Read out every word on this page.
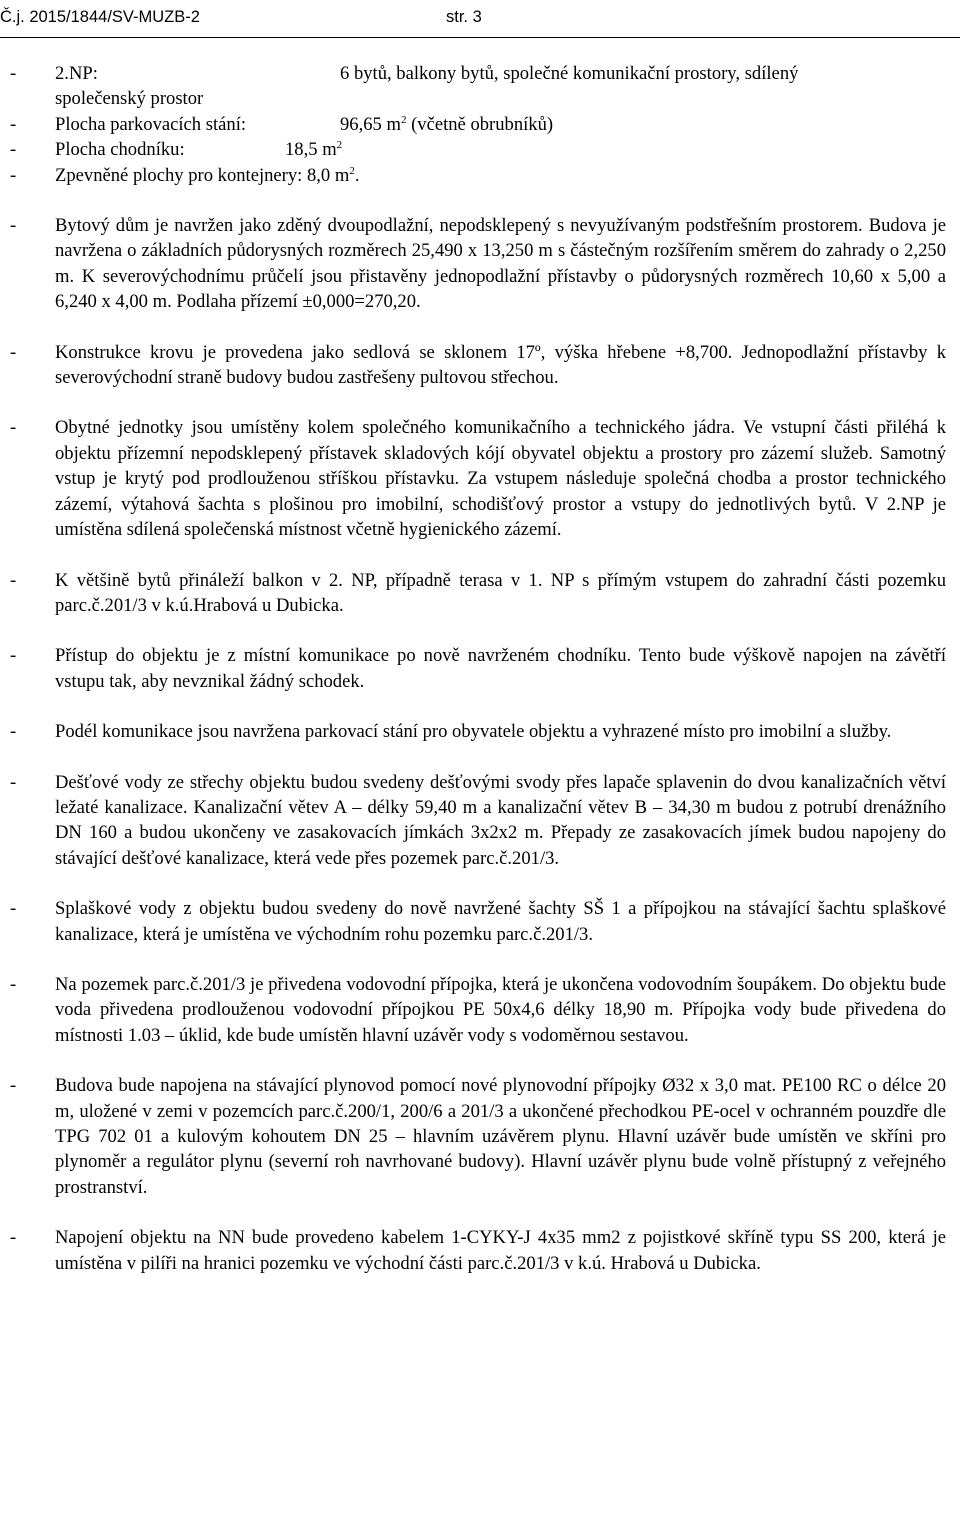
Č.j. 2015/1844/SV-MUZB-2	str. 3
- 2.NP:	6 bytů, balkony bytů, společné komunikační prostory, sdílený
společenský prostor
- Plocha parkovacích stání:	96,65 $m^2$ (včetně obrubníků)
- Plocha chodníku:	18,5 $m^2$
- Zpevněné plochy pro kontejnery: 8,0 $m^2$.
- Bytový dům je navržen jako zděný dvoupodlažní, nepodsklepený s nevyužívaným podstřešním prostorem. Budova je navržena o základních půdorysných rozměrech 25,490 x 13,250 m s částečným rozšířením směrem do zahrady o 2,250 m. K severovýchodnímu průčelí jsou přistavěny jednopodlažní přístavby o půdorysných rozměrech 10,60 x 5,00 a 6,240 x 4,00 m. Podlaha přízemí ±0,000=270,20.
- Konstrukce krovu je provedena jako sedlová se sklonem 17º, výška hřebene +8,700. Jednopodlažní přístavby k severovýchodní straně budovy budou zastřešeny pultovou střechou.
- Obytné jednotky jsou umístěny kolem společného komunikačního a technického jádra. Ve vstupní části přiléhá k objektu přízemní nepodsklepený přístavek skladových kójí obyvatel objektu a prostory pro zázemí služeb. Samotný vstup je krytý pod prodlouženou stříškou přístavku. Za vstupem následuje společná chodba a prostor technického zázemí, výtahová šachta s plošinou pro imobilní, schodišťový prostor a vstupy do jednotlivých bytů. V 2.NP je umístěna sdílená společenská místnost včetně hygienického zázemí.
- K většině bytů přináleží balkon v 2. NP, případně terasa v 1. NP s přímým vstupem do zahradní části pozemku parc.č.201/3 v k.ú.Hrabová u Dubicka.
- Přístup do objektu je z místní komunikace po nově navrženém chodníku. Tento bude výškově napojen na závětří vstupu tak, aby nevznikal žádný schodek.
- Podél komunikace jsou navržena parkovací stání pro obyvatele objektu a vyhrazené místo pro imobilní a služby.
- Dešťové vody ze střechy objektu budou svedeny dešťovými svody přes lapače splavenin do dvou kanalizačních větví ležaté kanalizace. Kanalizační větev A – délky 59,40 m a kanalizační větev B – 34,30 m budou z potrubí drenážního DN 160 a budou ukončeny ve zasakovacích jímkách 3x2x2 m. Přepady ze zasakovacích jímek budou napojeny do stávající dešťové kanalizace, která vede přes pozemek parc.č.201/3.
- Splaškové vody z objektu budou svedeny do nově navržené šachty SŠ 1 a přípojkou na stávající šachtu splaškové kanalizace, která je umístěna ve východním rohu pozemku parc.č.201/3.
- Na pozemek parc.č.201/3 je přivedena vodovodní přípojka, která je ukončena vodovodním šoupákem. Do objektu bude voda přivedena prodlouženou vodovodní přípojkou PE 50x4,6 délky 18,90 m. Přípojka vody bude přivedena do místnosti 1.03 – úklid, kde bude umístěn hlavní uzávěr vody s vodoměrnou sestavou.
- Budova bude napojena na stávající plynovod pomocí nové plynovodní přípojky Ø32 x 3,0 mat. PE100 RC o délce 20 m, uložené v zemi v pozemcích parc.č.200/1, 200/6 a 201/3 a ukončené přechodkou PE-ocel v ochranném pouzdře dle TPG 702 01 a kulovým kohoutem DN 25 – hlavním uzávěrem plynu. Hlavní uzávěr bude umístěn ve skříni pro plynoměr a regulátor plynu (severní roh navrhované budovy). Hlavní uzávěr plynu bude volně přístupný z veřejného prostranství.
- Napojení objektu na NN bude provedeno kabelem 1-CYKY-J 4x35 mm2 z pojistkové skříně typu SS 200, která je umístěna v pilíři na hranici pozemku ve východní části parc.č.201/3 v k.ú. Hrabová u Dubicka.
